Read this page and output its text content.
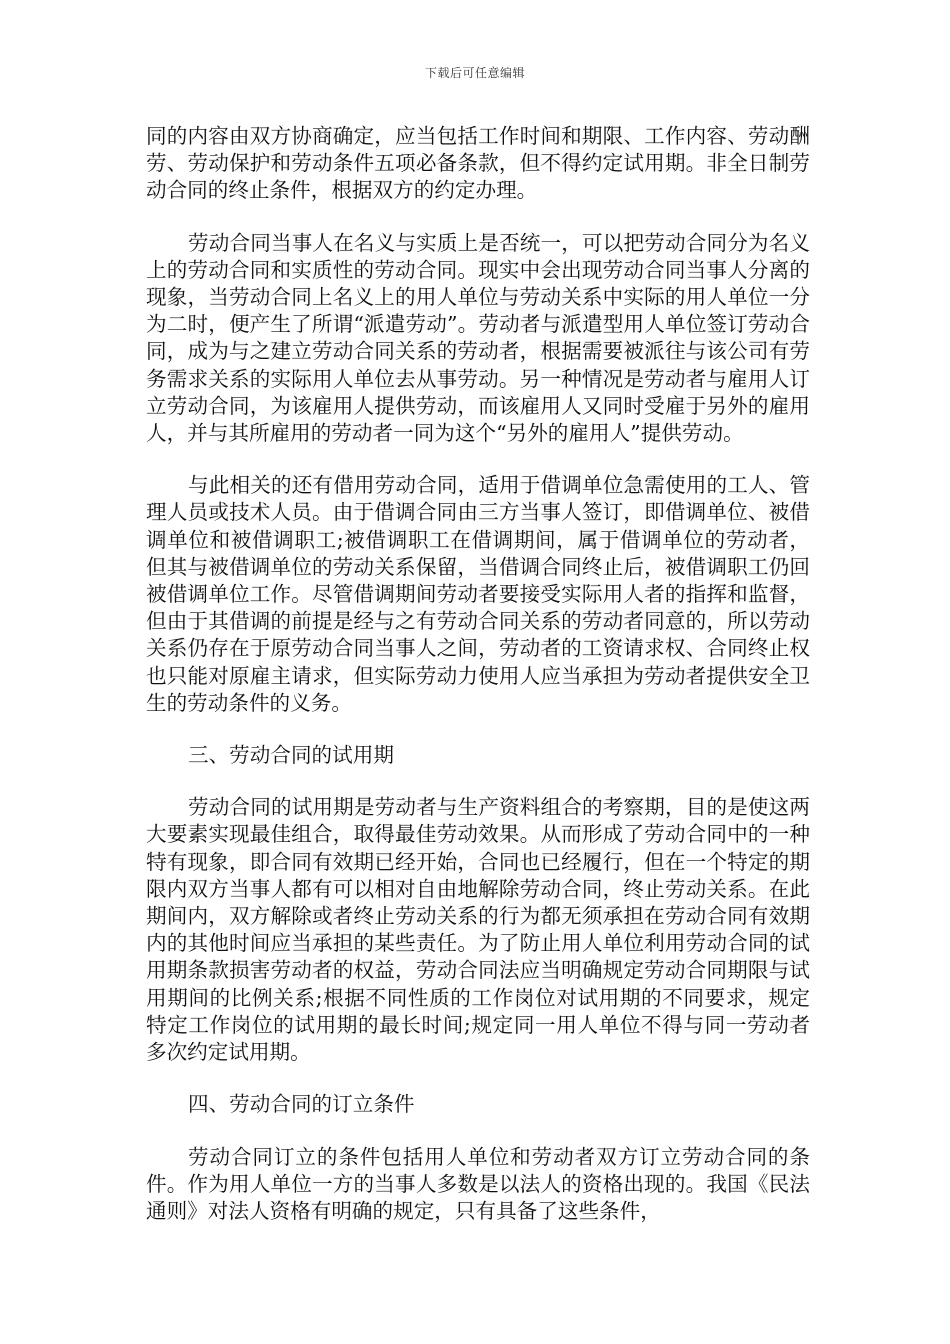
下载后可任意编辑

同的内容由双方协商确定，应当包括工作时间和期限、工作内容、劳动酬劳、劳动保护和劳动条件五项必备条款，但不得约定试用期。非全日制劳动合同的终止条件，根据双方的约定办理。

劳动合同当事人在名义与实质上是否统一，可以把劳动合同分为名义上的劳动合同和实质性的劳动合同。现实中会出现劳动合同当事人分离的现象，当劳动合同上名义上的用人单位与劳动关系中实际的用人单位一分为二时，便产生了所谓“派遣劳动”。劳动者与派遣型用人单位签订劳动合同，成为与之建立劳动合同关系的劳动者，根据需要被派往与该公司有劳务需求关系的实际用人单位去从事劳动。另一种情况是劳动者与雇用人订立劳动合同，为该雇用人提供劳动，而该雇用人又同时受雇于另外的雇用人，并与其所雇用的劳动者一同为这个“另外的雇用人”提供劳动。

与此相关的还有借用劳动合同，适用于借调单位急需使用的工人、管理人员或技术人员。由于借调合同由三方当事人签订，即借调单位、被借调单位和被借调职工;被借调职工在借调期间，属于借调单位的劳动者，但其与被借调单位的劳动关系保留，当借调合同终止后，被借调职工仍回被借调单位工作。尽管借调期间劳动者要接受实际用人者的指挥和监督，但由于其借调的前提是经与之有劳动合同关系的劳动者同意的，所以劳动关系仍存在于原劳动合同当事人之间，劳动者的工资请求权、合同终止权也只能对原雇主请求，但实际劳动力使用人应当承担为劳动者提供安全卫生的劳动条件的义务。

三、劳动合同的试用期

劳动合同的试用期是劳动者与生产资料组合的考察期，目的是使这两大要素实现最佳组合，取得最佳劳动效果。从而形成了劳动合同中的一种特有现象，即合同有效期已经开始，合同也已经履行，但在一个特定的期限内双方当事人都有可以相对自由地解除劳动合同，终止劳动关系。在此期间内，双方解除或者终止劳动关系的行为都无须承担在劳动合同有效期内的其他时间应当承担的某些责任。为了防止用人单位利用劳动合同的试用期条款损害劳动者的权益，劳动合同法应当明确规定劳动合同期限与试用期间的比例关系;根据不同性质的工作岗位对试用期的不同要求，规定特定工作岗位的试用期的最长时间;规定同一用人单位不得与同一劳动者多次约定试用期。

四、劳动合同的订立条件

劳动合同订立的条件包括用人单位和劳动者双方订立劳动合同的条件。作为用人单位一方的当事人多数是以法人的资格出现的。我国《民法通则》对法人资格有明确的规定，只有具备了这些条件，
